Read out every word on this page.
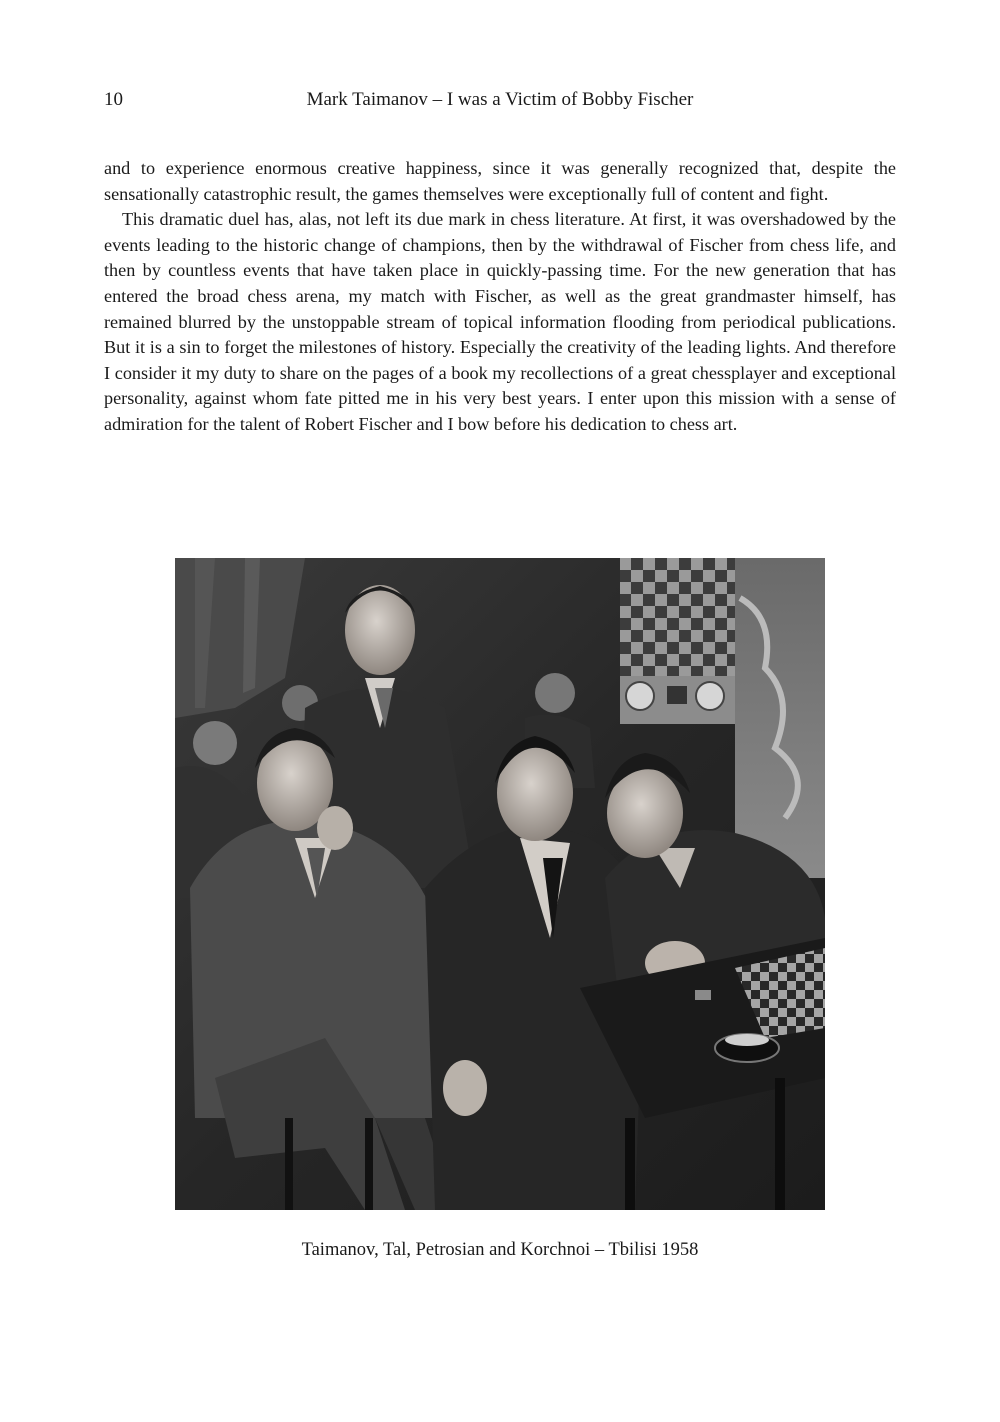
10	Mark Taimanov – I was a Victim of Bobby Fischer

and to experience enormous creative happiness, since it was generally recognized that, despite the sensationally catastrophic result, the games themselves were exceptionally full of content and fight.

This dramatic duel has, alas, not left its due mark in chess literature. At first, it was overshadowed by the events leading to the historic change of champions, then by the withdrawal of Fischer from chess life, and then by countless events that have taken place in quickly-passing time. For the new generation that has entered the broad chess arena, my match with Fischer, as well as the great grandmaster himself, has remained blurred by the unstoppable stream of topical information flooding from periodical publications. But it is a sin to forget the milestones of history. Especially the creativity of the leading lights. And therefore I consider it my duty to share on the pages of a book my recollections of a great chessplayer and exceptional personality, against whom fate pitted me in his very best years. I enter upon this mission with a sense of admiration for the talent of Robert Fischer and I bow before his dedication to chess art.

Taimanov, Tal, Petrosian and Korchnoi – Tbilisi 1958
